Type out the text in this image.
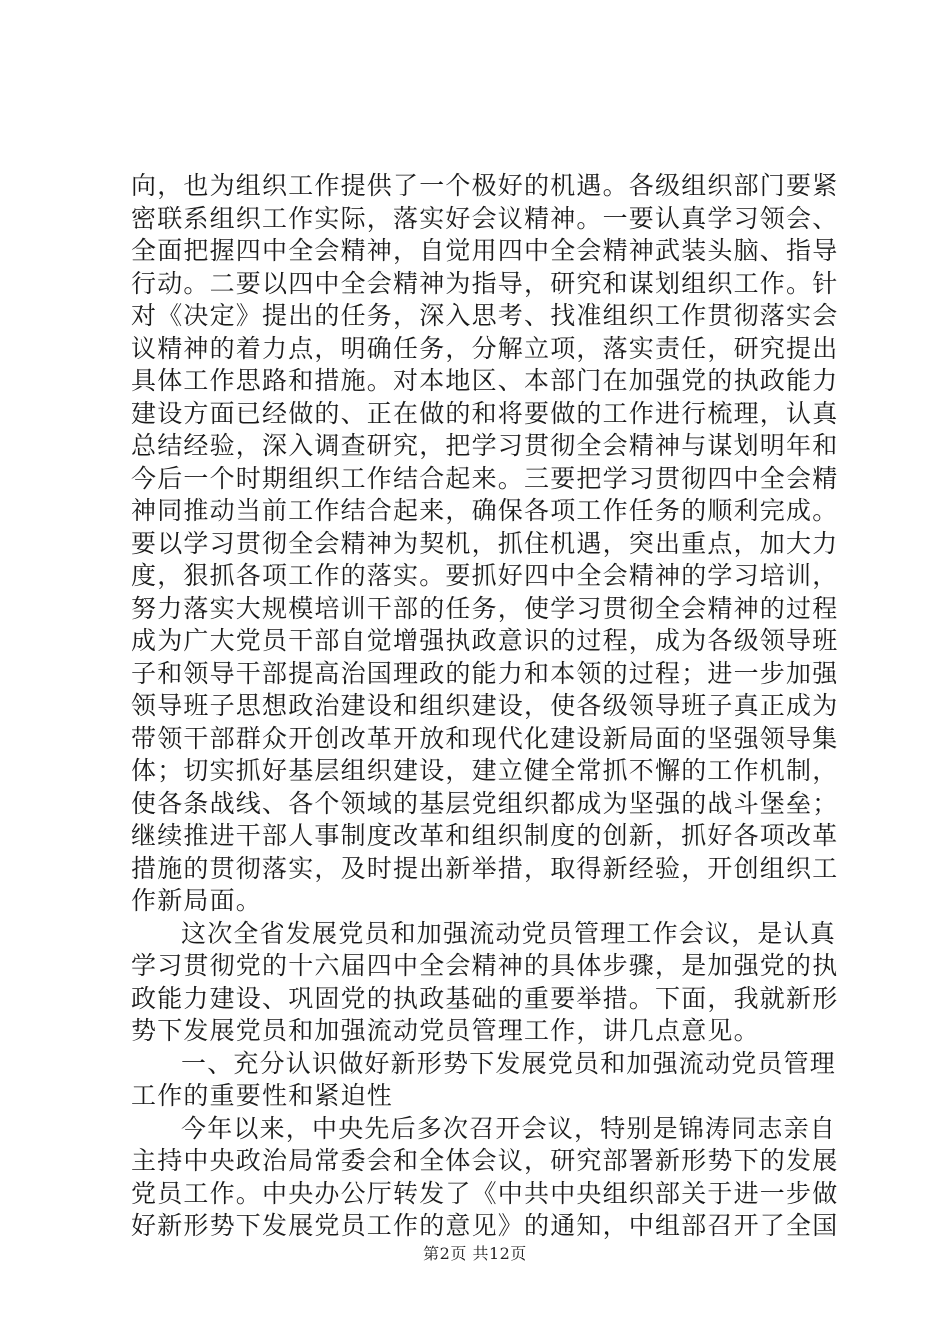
向，也为组织工作提供了一个极好的机遇。各级组织部门要紧
密联系组织工作实际，落实好会议精神。一要认真学习领会、
全面把握四中全会精神，自觉用四中全会精神武装头脑、指导
行动。二要以四中全会精神为指导，研究和谋划组织工作。针
对《决定》提出的任务，深入思考、找准组织工作贯彻落实会
议精神的着力点，明确任务，分解立项，落实责任，研究提出
具体工作思路和措施。对本地区、本部门在加强党的执政能力
建设方面已经做的、正在做的和将要做的工作进行梳理，认真
总结经验，深入调查研究，把学习贯彻全会精神与谋划明年和
今后一个时期组织工作结合起来。三要把学习贯彻四中全会精
神同推动当前工作结合起来，确保各项工作任务的顺利完成。
要以学习贯彻全会精神为契机，抓住机遇，突出重点，加大力
度，狠抓各项工作的落实。要抓好四中全会精神的学习培训，
努力落实大规模培训干部的任务，使学习贯彻全会精神的过程
成为广大党员干部自觉增强执政意识的过程，成为各级领导班
子和领导干部提高治国理政的能力和本领的过程；进一步加强
领导班子思想政治建设和组织建设，使各级领导班子真正成为
带领干部群众开创改革开放和现代化建设新局面的坚强领导集
体；切实抓好基层组织建设，建立健全常抓不懈的工作机制，
使各条战线、各个领域的基层党组织都成为坚强的战斗堡垒；
继续推进干部人事制度改革和组织制度的创新，抓好各项改革
措施的贯彻落实，及时提出新举措，取得新经验，开创组织工
作新局面。
这次全省发展党员和加强流动党员管理工作会议，是认真
学习贯彻党的十六届四中全会精神的具体步骤，是加强党的执
政能力建设、巩固党的执政基础的重要举措。下面，我就新形
势下发展党员和加强流动党员管理工作，讲几点意见。
一、充分认识做好新形势下发展党员和加强流动党员管理
工作的重要性和紧迫性
今年以来，中央先后多次召开会议，特别是锦涛同志亲自
主持中央政治局常委会和全体会议，研究部署新形势下的发展
党员工作。中央办公厅转发了《中共中央组织部关于进一步做
好新形势下发展党员工作的意见》的通知，中组部召开了全国
第2页 共12页
